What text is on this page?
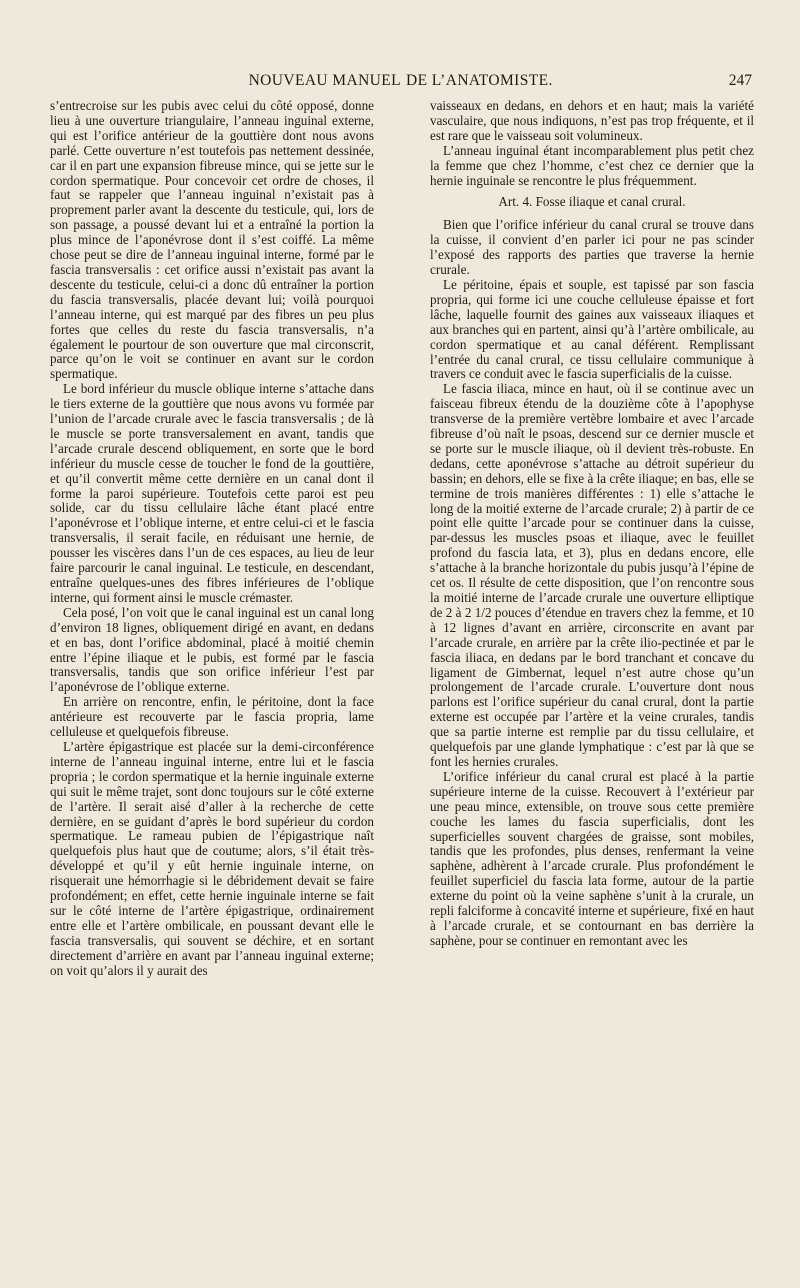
NOUVEAU MANUEL DE L’ANATOMISTE.	247

s’entrecroise sur les pubis avec celui du côté opposé, donne lieu à une ouverture triangulaire, l’anneau inguinal externe, qui est l’orifice antérieur de la gouttière dont nous avons parlé. Cette ouverture n’est toutefois pas nettement dessinée, car il en part une expansion fibreuse mince, qui se jette sur le cordon spermatique. Pour concevoir cet ordre de choses, il faut se rappeler que l’anneau inguinal n’existait pas à proprement parler avant la descente du testicule, qui, lors de son passage, a poussé devant lui et a entraîné la portion la plus mince de l’aponévrose dont il s’est coiffé. La même chose peut se dire de l’anneau inguinal interne, formé par le fascia transversalis : cet orifice aussi n’existait pas avant la descente du testicule, celui-ci a donc dû entraîner la portion du fascia transversalis, placée devant lui; voilà pourquoi l’anneau interne, qui est marqué par des fibres un peu plus fortes que celles du reste du fascia transversalis, n’a également le pourtour de son ouverture que mal circonscrit, parce qu’on le voit se continuer en avant sur le cordon spermatique.

Le bord inférieur du muscle oblique interne s’attache dans le tiers externe de la gouttière que nous avons vu formée par l’union de l’arcade crurale avec le fascia transversalis ; de là le muscle se porte transversalement en avant, tandis que l’arcade crurale descend obliquement, en sorte que le bord inférieur du muscle cesse de toucher le fond de la gouttière, et qu’il convertit même cette dernière en un canal dont il forme la paroi supérieure. Toutefois cette paroi est peu solide, car du tissu cellulaire lâche étant placé entre l’aponévrose et l’oblique interne, et entre celui-ci et le fascia transversalis, il serait facile, en réduisant une hernie, de pousser les viscères dans l’un de ces espaces, au lieu de leur faire parcourir le canal inguinal. Le testicule, en descendant, entraîne quelques-unes des fibres inférieures de l’oblique interne, qui forment ainsi le muscle crémaster.

Cela posé, l’on voit que le canal inguinal est un canal long d’environ 18 lignes, obliquement dirigé en avant, en dedans et en bas, dont l’orifice abdominal, placé à moitié chemin entre l’épine iliaque et le pubis, est formé par le fascia transversalis, tandis que son orifice inférieur l’est par l’aponévrose de l’oblique externe.

En arrière on rencontre, enfin, le péritoine, dont la face antérieure est recouverte par le fascia propria, lame celluleuse et quelquefois fibreuse.

L’artère épigastrique est placée sur la demi-circonférence interne de l’anneau inguinal interne, entre lui et le fascia propria ; le cordon spermatique et la hernie inguinale externe qui suit le même trajet, sont donc toujours sur le côté externe de l’artère. Il serait aisé d’aller à la recherche de cette dernière, en se guidant d’après le bord supérieur du cordon spermatique. Le rameau pubien de l’épigastrique naît quelquefois plus haut que de coutume; alors, s’il était très-développé et qu’il y eût hernie inguinale interne, on risquerait une hémorrhagie si le débridement devait se faire profondément; en effet, cette hernie inguinale interne se fait sur le côté interne de l’artère épigastrique, ordinairement entre elle et l’artère ombilicale, en poussant devant elle le fascia transversalis, qui souvent se déchire, et en sortant directement d’arrière en avant par l’anneau inguinal externe; on voit qu’alors il y aurait des

vaisseaux en dedans, en dehors et en haut; mais la variété vasculaire, que nous indiquons, n’est pas trop fréquente, et il est rare que le vaisseau soit volumineux.

L’anneau inguinal étant incomparablement plus petit chez la femme que chez l’homme, c’est chez ce dernier que la hernie inguinale se rencontre le plus fréquemment.

Art. 4. Fosse iliaque et canal crural.

Bien que l’orifice inférieur du canal crural se trouve dans la cuisse, il convient d’en parler ici pour ne pas scinder l’exposé des rapports des parties que traverse la hernie crurale.

Le péritoine, épais et souple, est tapissé par son fascia propria, qui forme ici une couche celluleuse épaisse et fort lâche, laquelle fournit des gaines aux vaisseaux iliaques et aux branches qui en partent, ainsi qu’à l’artère ombilicale, au cordon spermatique et au canal déférent. Remplissant l’entrée du canal crural, ce tissu cellulaire communique à travers ce conduit avec le fascia superficialis de la cuisse.

Le fascia iliaca, mince en haut, où il se continue avec un faisceau fibreux étendu de la douzième côte à l’apophyse transverse de la première vertèbre lombaire et avec l’arcade fibreuse d’où naît le psoas, descend sur ce dernier muscle et se porte sur le muscle iliaque, où il devient très-robuste. En dedans, cette aponévrose s’attache au détroit supérieur du bassin; en dehors, elle se fixe à la crête iliaque; en bas, elle se termine de trois manières différentes : 1) elle s’attache le long de la moitié externe de l’arcade crurale; 2) à partir de ce point elle quitte l’arcade pour se continuer dans la cuisse, par-dessus les muscles psoas et iliaque, avec le feuillet profond du fascia lata, et 3), plus en dedans encore, elle s’attache à la branche horizontale du pubis jusqu’à l’épine de cet os. Il résulte de cette disposition, que l’on rencontre sous la moitié interne de l’arcade crurale une ouverture elliptique de 2 à 2 1/2 pouces d’étendue en travers chez la femme, et 10 à 12 lignes d’avant en arrière, circonscrite en avant par l’arcade crurale, en arrière par la crête ilio-pectinée et par le fascia iliaca, en dedans par le bord tranchant et concave du ligament de Gimbernat, lequel n’est autre chose qu’un prolongement de l’arcade crurale. L’ouverture dont nous parlons est l’orifice supérieur du canal crural, dont la partie externe est occupée par l’artère et la veine crurales, tandis que sa partie interne est remplie par du tissu cellulaire, et quelquefois par une glande lymphatique : c’est par là que se font les hernies crurales.

L’orifice inférieur du canal crural est placé à la partie supérieure interne de la cuisse. Recouvert à l’extérieur par une peau mince, extensible, on trouve sous cette première couche les lames du fascia superficialis, dont les superficielles souvent chargées de graisse, sont mobiles, tandis que les profondes, plus denses, renfermant la veine saphène, adhèrent à l’arcade crurale. Plus profondément le feuillet superficiel du fascia lata forme, autour de la partie externe du point où la veine saphène s’unit à la crurale, un repli falciforme à concavité interne et supérieure, fixé en haut à l’arcade crurale, et se contournant en bas derrière la saphène, pour se continuer en remontant avec les
